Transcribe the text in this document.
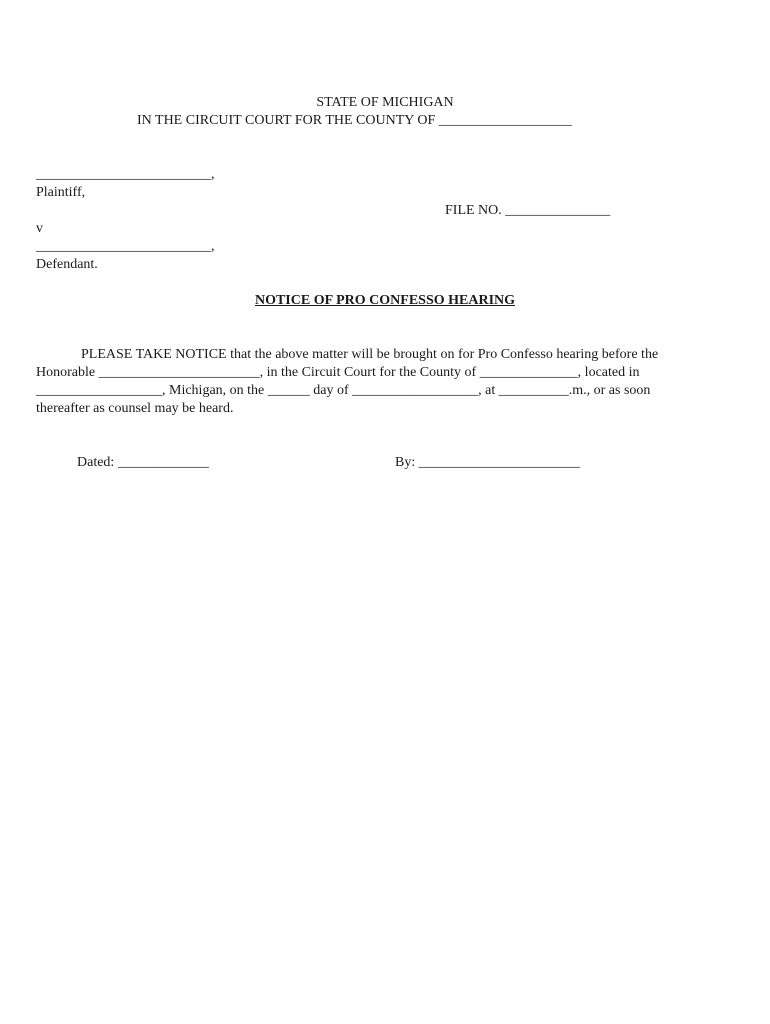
STATE OF MICHIGAN
IN THE CIRCUIT COURT FOR THE COUNTY OF ___________________
_________________________,
Plaintiff,
FILE NO. _______________
v
_________________________,
Defendant.
NOTICE OF PRO CONFESSO HEARING
PLEASE TAKE NOTICE that the above matter will be brought on for Pro Confesso hearing before the
Honorable _______________________, in the Circuit Court for the County of ______________, located in
__________________, Michigan, on the ______ day of __________________, at __________.m., or as soon
thereafter as counsel may be heard.
Dated: _____________	By: _______________________
